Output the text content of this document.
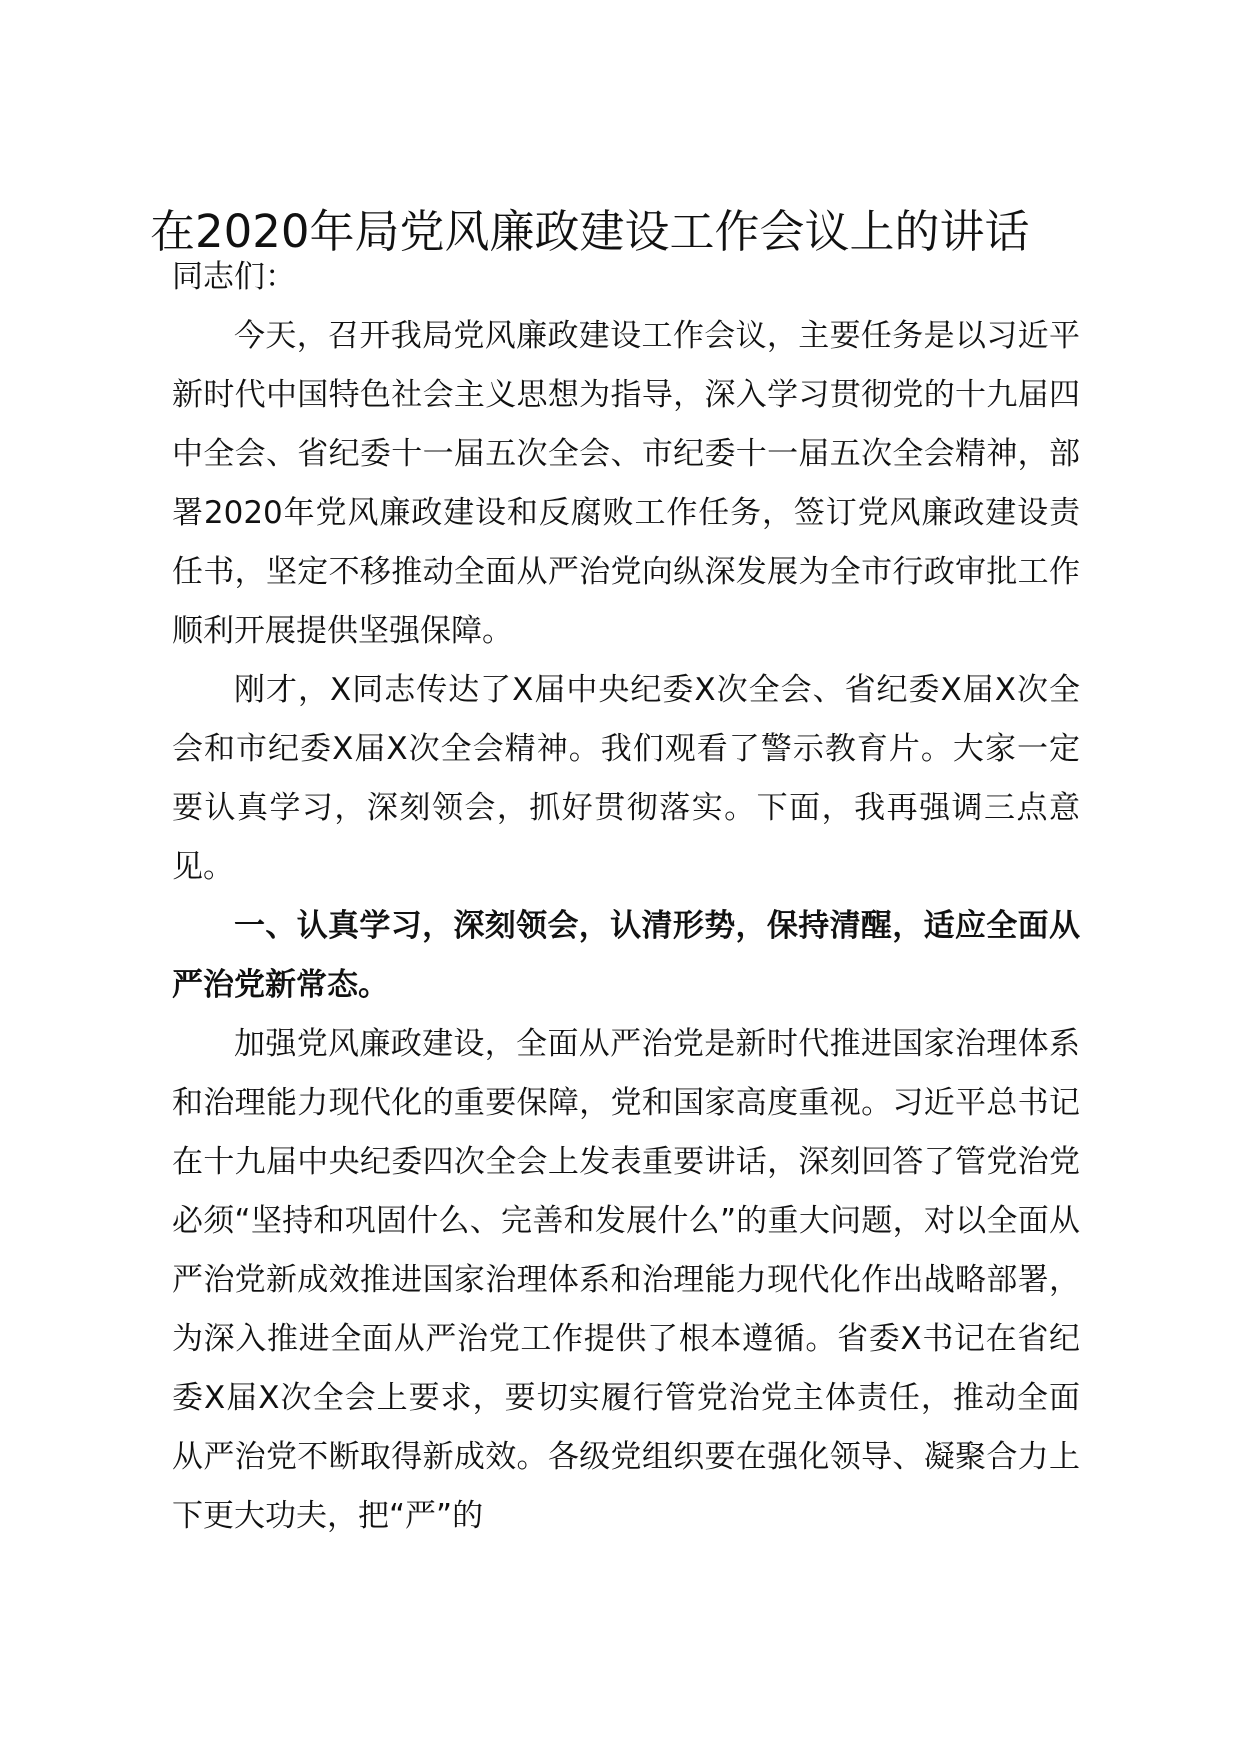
在2020年局党风廉政建设工作会议上的讲话

同志们：

今天，召开我局党风廉政建设工作会议，主要任务是以习近平新时代中国特色社会主义思想为指导，深入学习贯彻党的十九届四中全会、省纪委十一届五次全会、市纪委十一届五次全会精神，部署2020年党风廉政建设和反腐败工作任务，签订党风廉政建设责任书，坚定不移推动全面从严治党向纵深发展为全市行政审批工作顺利开展提供坚强保障。

刚才，X同志传达了X届中央纪委X次全会、省纪委X届X次全会和市纪委X届X次全会精神。我们观看了警示教育片。大家一定要认真学习，深刻领会，抓好贯彻落实。下面，我再强调三点意见。

一、认真学习，深刻领会，认清形势，保持清醒，适应全面从严治党新常态。

加强党风廉政建设，全面从严治党是新时代推进国家治理体系和治理能力现代化的重要保障，党和国家高度重视。习近平总书记在十九届中央纪委四次全会上发表重要讲话，深刻回答了管党治党必须“坚持和巩固什么、完善和发展什么”的重大问题，对以全面从严治党新成效推进国家治理体系和治理能力现代化作出战略部署，为深入推进全面从严治党工作提供了根本遵循。省委X书记在省纪委X届X次全会上要求，要切实履行管党治党主体责任，推动全面从严治党不断取得新成效。各级党组织要在强化领导、凝聚合力上下更大功夫，把“严”的
